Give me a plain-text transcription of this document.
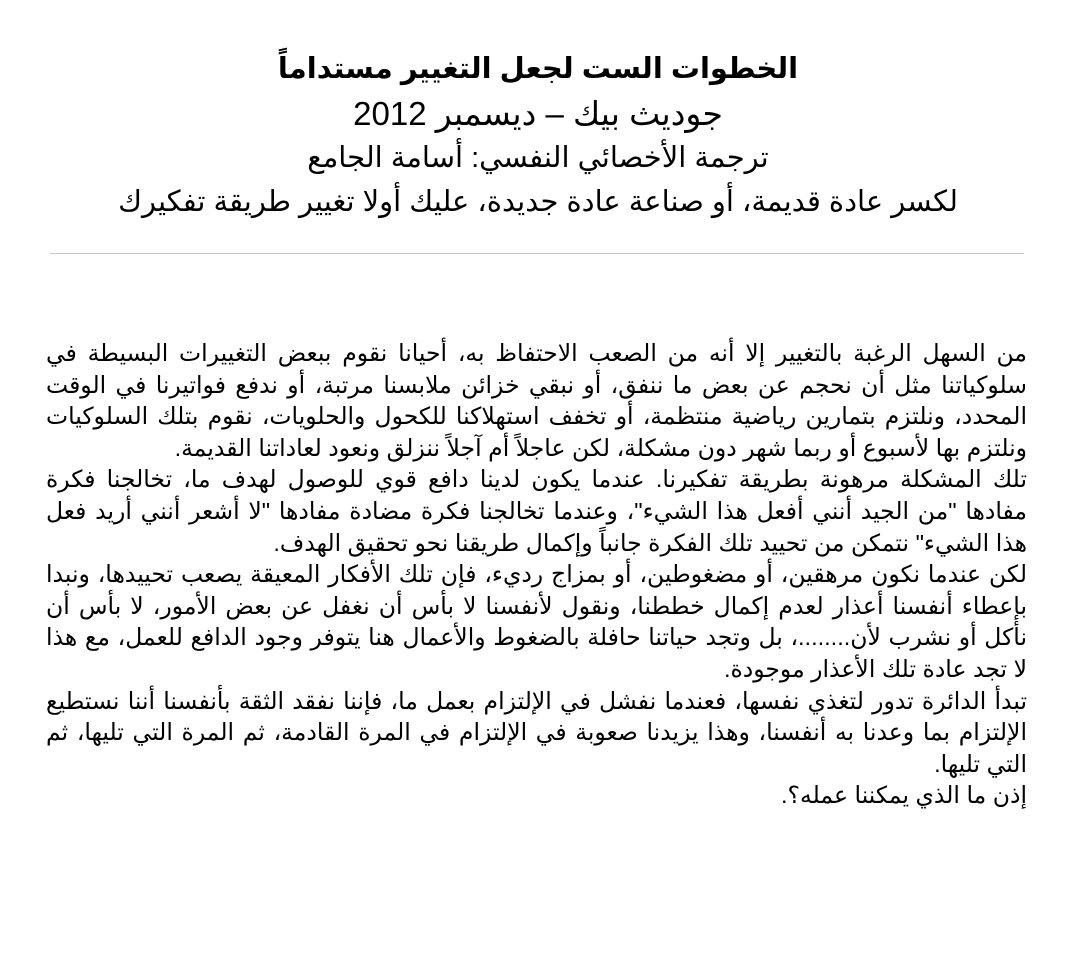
الخطوات الست لجعل التغيير مستداماً

جوديث بيك – ديسمبر 2012

ترجمة الأخصائي النفسي: أسامة الجامع

لكسر عادة قديمة، أو صناعة عادة جديدة، عليك أولا تغيير طريقة تفكيرك

من السهل الرغبة بالتغيير إلا أنه من الصعب الاحتفاظ به، أحيانا نقوم ببعض التغييرات البسيطة في سلوكياتنا مثل أن نحجم عن بعض ما ننفق، أو نبقي خزائن ملابسنا مرتبة، أو ندفع فواتيرنا في الوقت المحدد، ونلتزم بتمارين رياضية منتظمة، أو تخفف استهلاكنا للكحول والحلويات، نقوم بتلك السلوكيات ونلتزم بها لأسبوع أو ربما شهر دون مشكلة، لكن عاجلاً أم آجلاً ننزلق ونعود لعاداتنا القديمة.

تلك المشكلة مرهونة بطريقة تفكيرنا. عندما يكون لدينا دافع قوي للوصول لهدف ما، تخالجنا فكرة مفادها "من الجيد أنني أفعل هذا الشيء"، وعندما تخالجنا فكرة مضادة مفادها "لا أشعر أنني أريد فعل هذا الشيء" نتمكن من تحييد تلك الفكرة جانباً وإكمال طريقنا نحو تحقيق الهدف.

لكن عندما نكون مرهقين، أو مضغوطين، أو بمزاج رديء، فإن تلك الأفكار المعيقة يصعب تحييدها، ونبدا بإعطاء أنفسنا أعذار لعدم إكمال خططنا، ونقول لأنفسنا لا بأس أن نغفل عن بعض الأمور، لا بأس أن نأكل أو نشرب لأن........، بل وتجد حياتنا حافلة بالضغوط والأعمال هنا يتوفر وجود الدافع للعمل، مع هذا لا تجد عادة تلك الأعذار موجودة.

تبدأ الدائرة تدور لتغذي نفسها، فعندما نفشل في الإلتزام بعمل ما، فإننا نفقد الثقة بأنفسنا أننا نستطيع الإلتزام بما وعدنا به أنفسنا، وهذا يزيدنا صعوبة في الإلتزام في المرة القادمة، ثم المرة التي تليها، ثم التي تليها.

إذن ما الذي يمكننا عمله؟.
